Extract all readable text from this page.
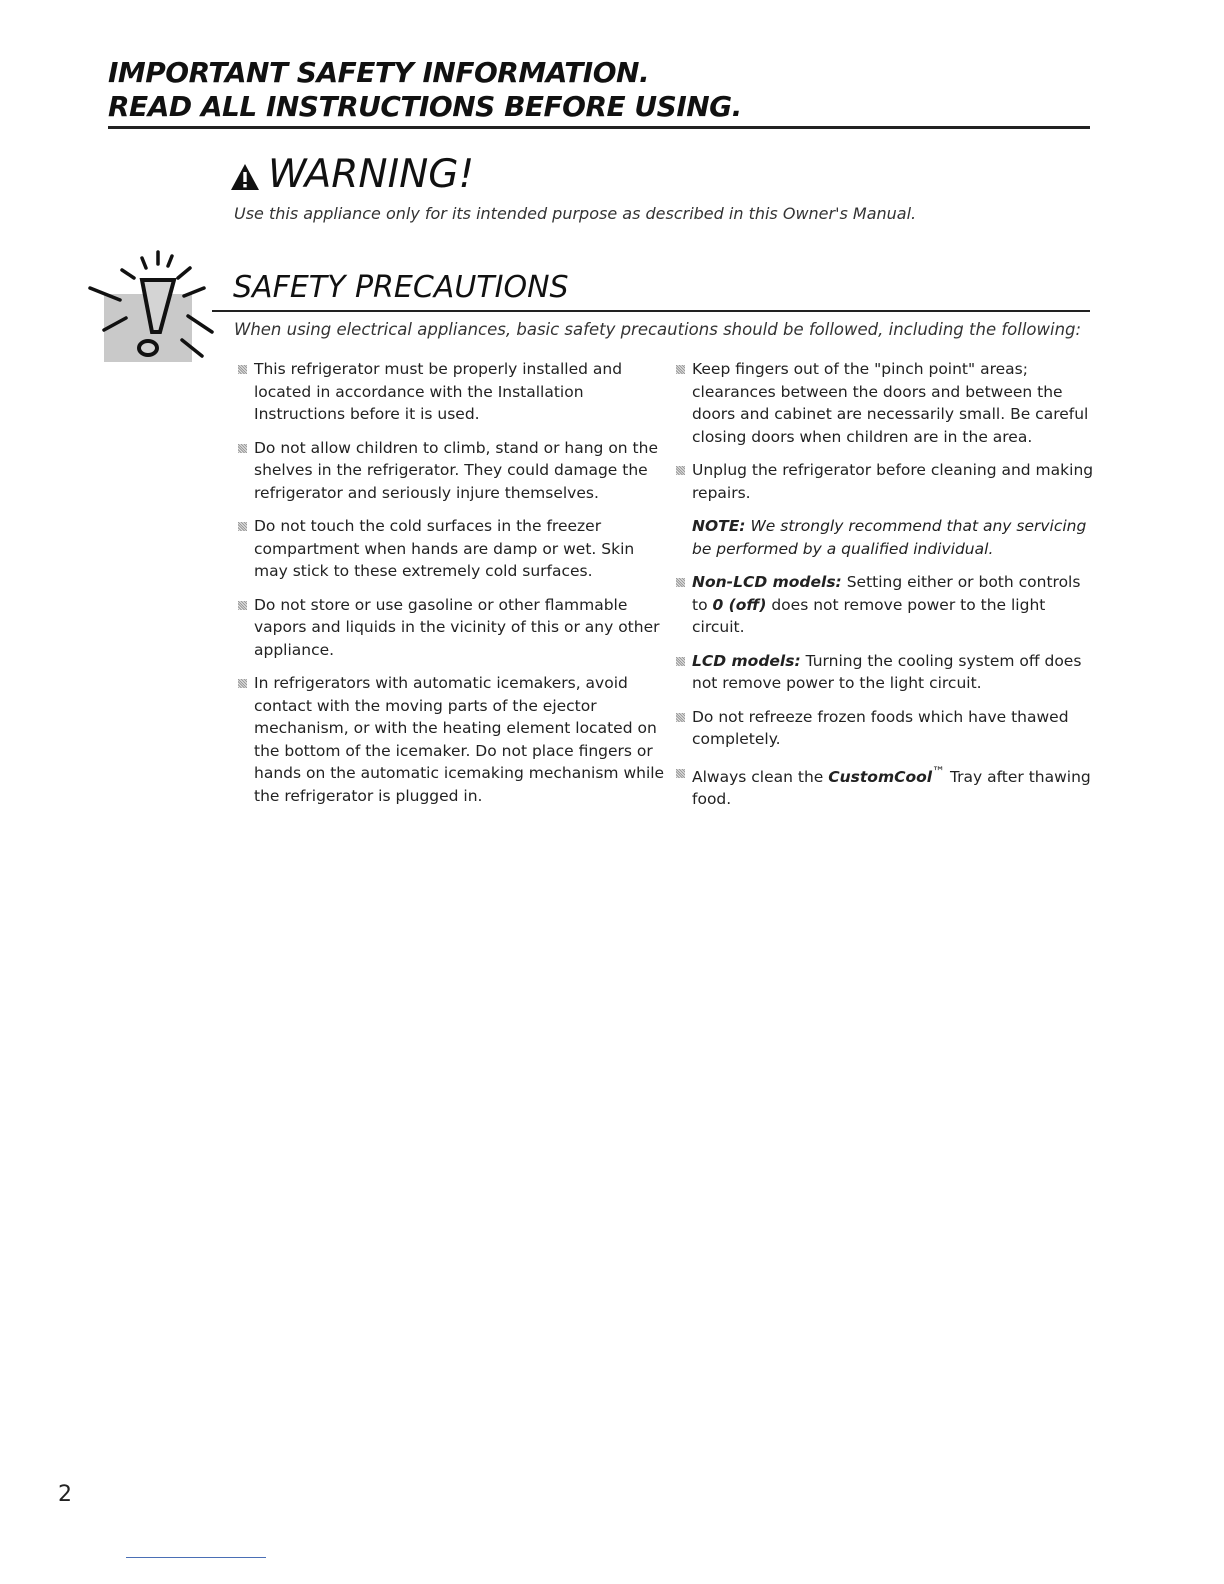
IMPORTANT SAFETY INFORMATION.
READ ALL INSTRUCTIONS BEFORE USING.
WARNING!
Use this appliance only for its intended purpose as described in this Owner's Manual.
SAFETY PRECAUTIONS
When using electrical appliances, basic safety precautions should be followed, including the following:
This refrigerator must be properly installed and located in accordance with the Installation Instructions before it is used.
Do not allow children to climb, stand or hang on the shelves in the refrigerator. They could damage the refrigerator and seriously injure themselves.
Do not touch the cold surfaces in the freezer compartment when hands are damp or wet. Skin may stick to these extremely cold surfaces.
Do not store or use gasoline or other flammable vapors and liquids in the vicinity of this or any other appliance.
In refrigerators with automatic icemakers, avoid contact with the moving parts of the ejector mechanism, or with the heating element located on the bottom of the icemaker. Do not place fingers or hands on the automatic icemaking mechanism while the refrigerator is plugged in.
Keep fingers out of the "pinch point" areas; clearances between the doors and between the doors and cabinet are necessarily small. Be careful closing doors when children are in the area.
Unplug the refrigerator before cleaning and making repairs.
NOTE: We strongly recommend that any servicing be performed by a qualified individual.
Non-LCD models: Setting either or both controls to 0 (off) does not remove power to the light circuit.
LCD models: Turning the cooling system off does not remove power to the light circuit.
Do not refreeze frozen foods which have thawed completely.
Always clean the CustomCool™ Tray after thawing food.
2
